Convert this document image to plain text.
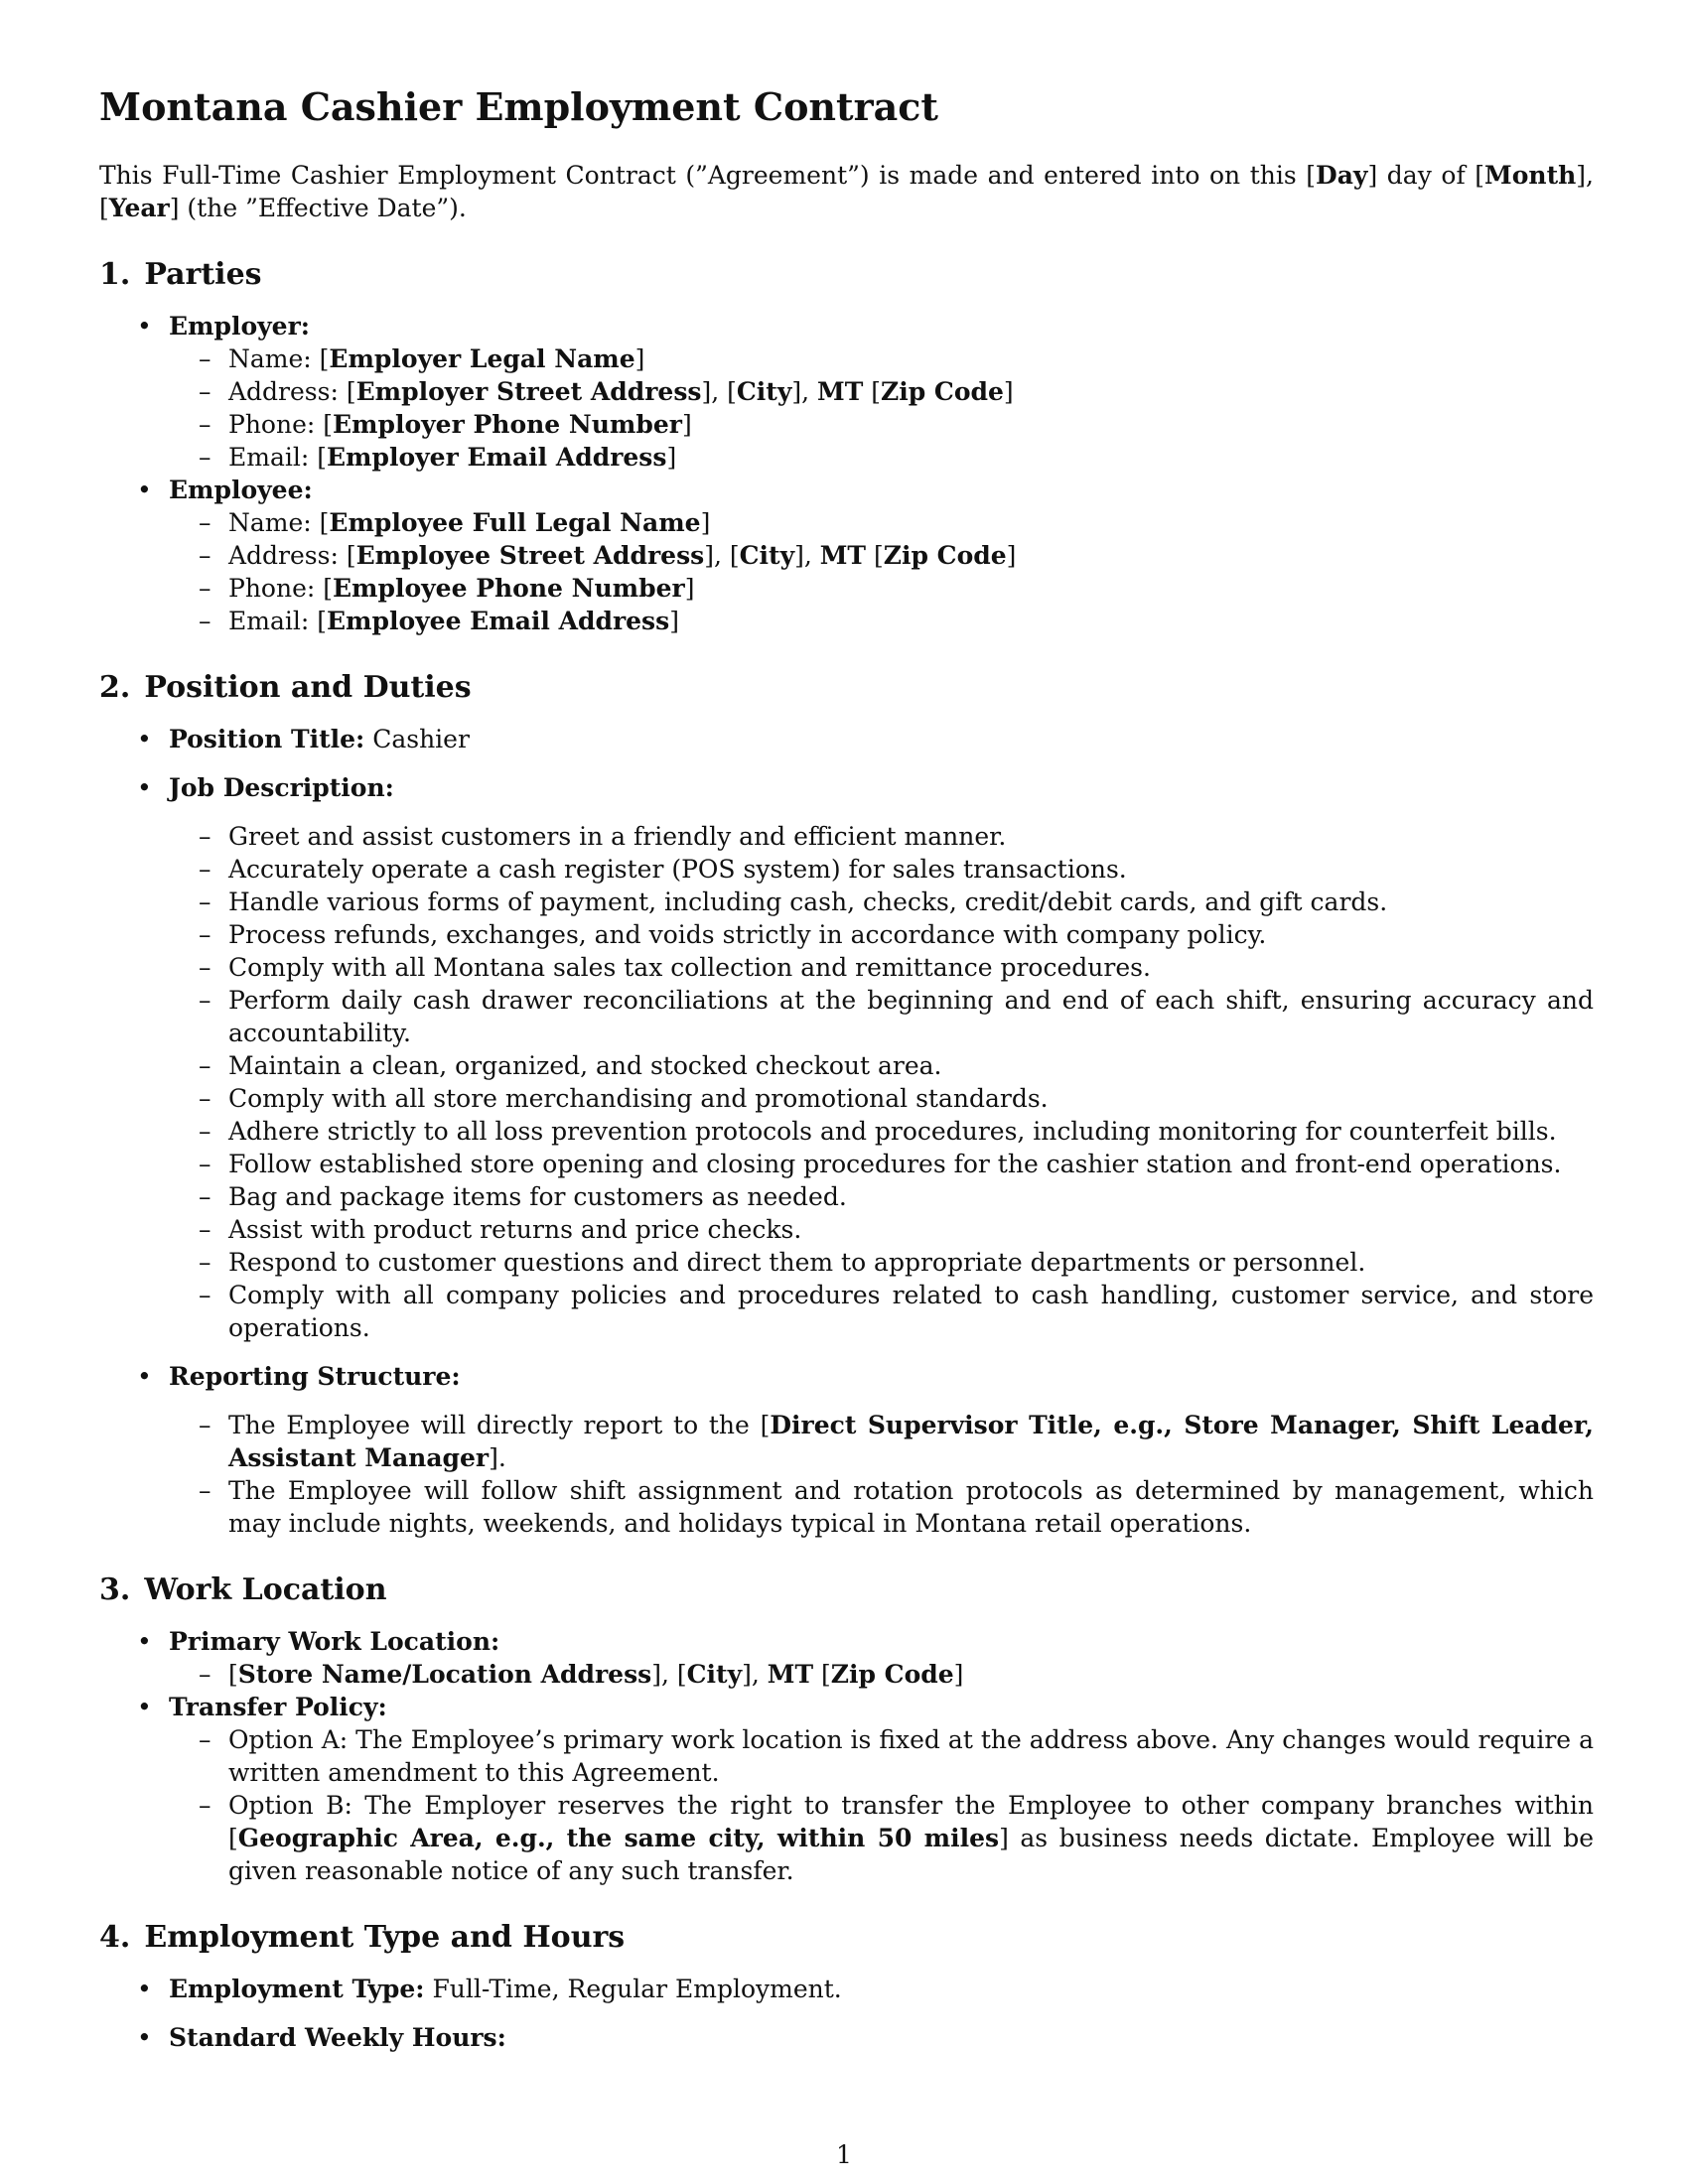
Montana Cashier Employment Contract

This Full-Time Cashier Employment Contract (”Agreement”) is made and entered into on this [Day] day of [Month], [Year] (the ”Effective Date”).

1. Parties
• Employer:
– Name: [Employer Legal Name]
– Address: [Employer Street Address], [City], MT [Zip Code]
– Phone: [Employer Phone Number]
– Email: [Employer Email Address]
• Employee:
– Name: [Employee Full Legal Name]
– Address: [Employee Street Address], [City], MT [Zip Code]
– Phone: [Employee Phone Number]
– Email: [Employee Email Address]
2. Position and Duties
• Position Title: Cashier
• Job Description:
– Greet and assist customers in a friendly and efficient manner.
– Accurately operate a cash register (POS system) for sales transactions.
– Handle various forms of payment, including cash, checks, credit/debit cards, and gift cards.
– Process refunds, exchanges, and voids strictly in accordance with company policy.
– Comply with all Montana sales tax collection and remittance procedures.
– Perform daily cash drawer reconciliations at the beginning and end of each shift, ensuring accuracy and accountability.
– Maintain a clean, organized, and stocked checkout area.
– Comply with all store merchandising and promotional standards.
– Adhere strictly to all loss prevention protocols and procedures, including monitoring for counterfeit bills.
– Follow established store opening and closing procedures for the cashier station and front-end operations.
– Bag and package items for customers as needed.
– Assist with product returns and price checks.
– Respond to customer questions and direct them to appropriate departments or personnel.
– Comply with all company policies and procedures related to cash handling, customer service, and store operations.
• Reporting Structure:
– The Employee will directly report to the [Direct Supervisor Title, e.g., Store Manager, Shift Leader, Assistant Manager].
– The Employee will follow shift assignment and rotation protocols as determined by management, which may include nights, weekends, and holidays typical in Montana retail operations.
3. Work Location
• Primary Work Location:
– [Store Name/Location Address], [City], MT [Zip Code]
• Transfer Policy:
– Option A: The Employee’s primary work location is fixed at the address above. Any changes would require a written amendment to this Agreement.
– Option B: The Employer reserves the right to transfer the Employee to other company branches within [Geographic Area, e.g., the same city, within 50 miles] as business needs dictate. Employee will be given reasonable notice of any such transfer.
4. Employment Type and Hours
• Employment Type: Full-Time, Regular Employment.
• Standard Weekly Hours:
1
